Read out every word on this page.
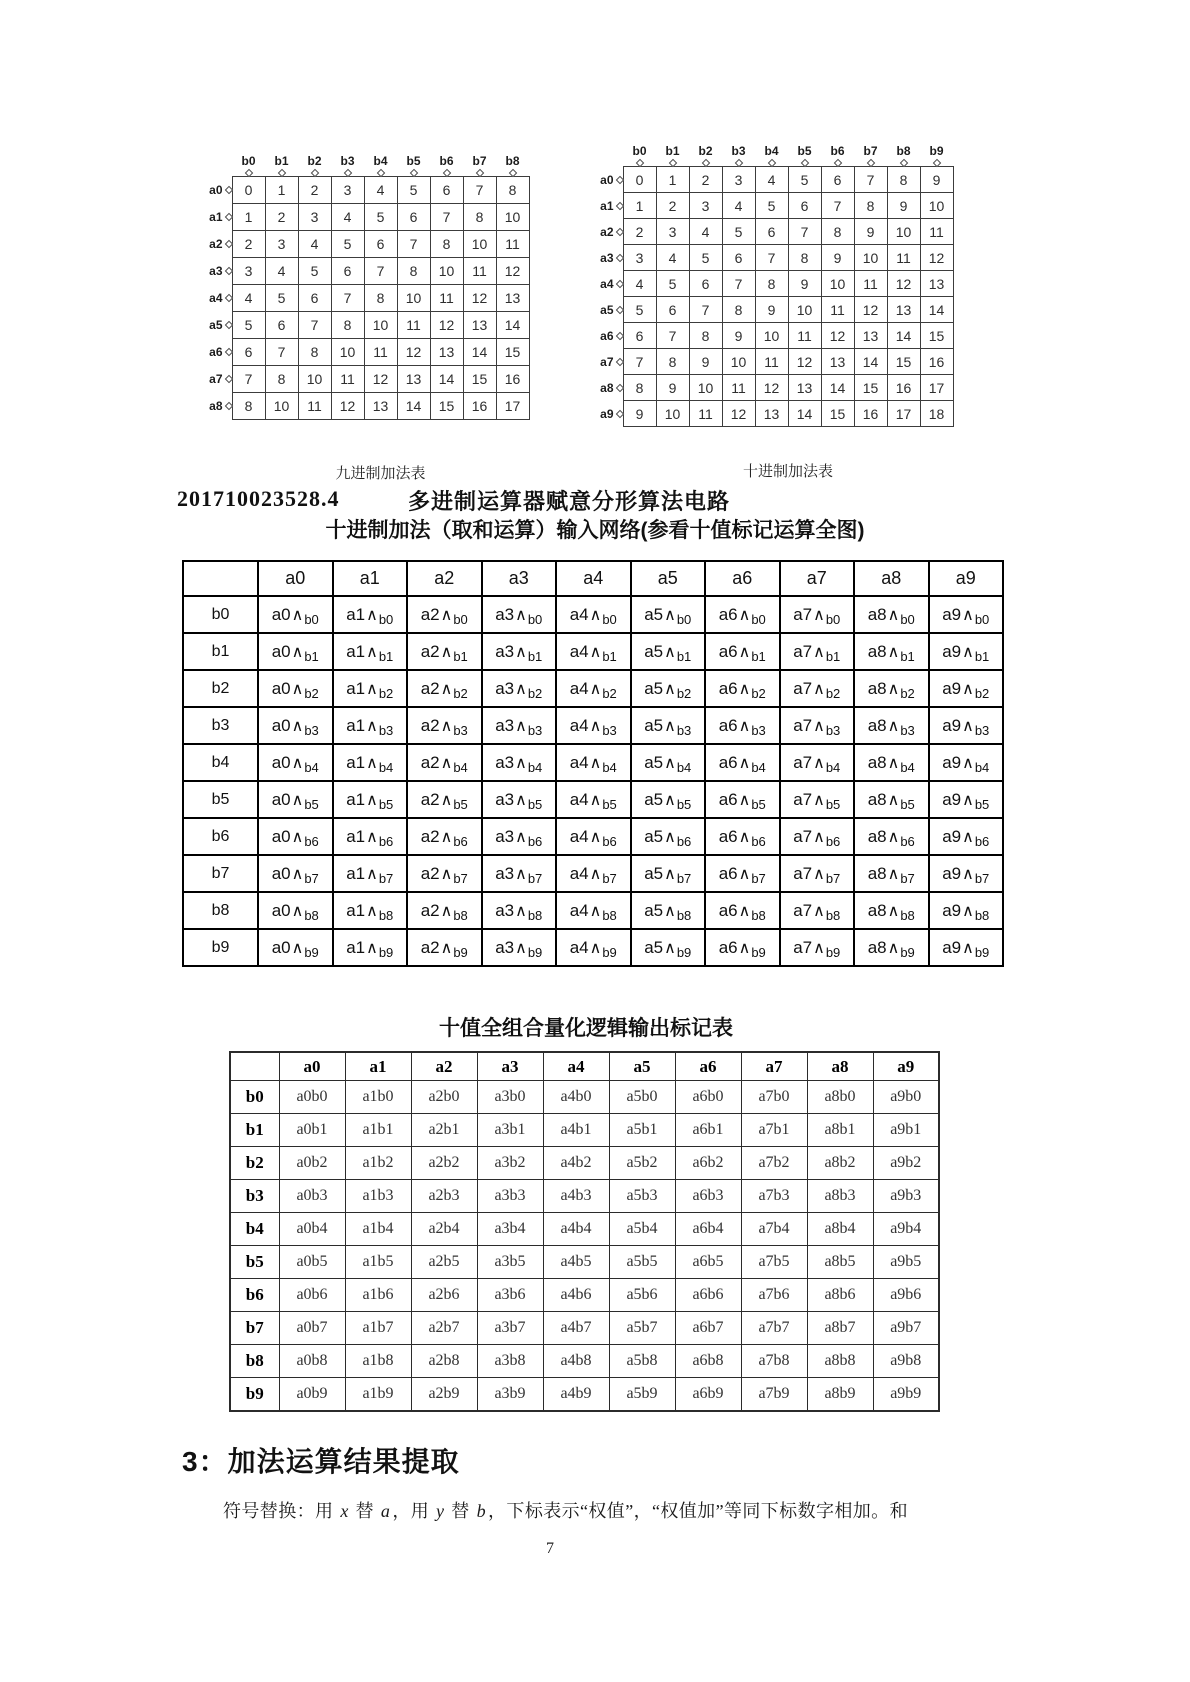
	b0	b1	b2	b3	b4	b5	b6	b7	b8

a0	0	1	2	3	4	5	6	7	8
a1	1	2	3	4	5	6	7	8	10
a2	2	3	4	5	6	7	8	10	11
a3	3	4	5	6	7	8	10	11	12
a4	4	5	6	7	8	10	11	12	13
a5	5	6	7	8	10	11	12	13	14
a6	6	7	8	10	11	12	13	14	15
a7	7	8	10	11	12	13	14	15	16
a8	8	10	11	12	13	14	15	16	17

	b0	b1	b2	b3	b4	b5	b6	b7	b8	b9

a0	0	1	2	3	4	5	6	7	8	9
a1	1	2	3	4	5	6	7	8	9	10
a2	2	3	4	5	6	7	8	9	10	11
a3	3	4	5	6	7	8	9	10	11	12
a4	4	5	6	7	8	9	10	11	12	13
a5	5	6	7	8	9	10	11	12	13	14
a6	6	7	8	9	10	11	12	13	14	15
a7	7	8	9	10	11	12	13	14	15	16
a8	8	9	10	11	12	13	14	15	16	17
a9	9	10	11	12	13	14	15	16	17	18
九进制加法表	十进制加法表
201710023528.4	多进制运算器赋意分形算法电路
十进制加法（取和运算）输入网络(参看十值标记运算全图)
	a0	a1	a2	a3	a4	a5	a6	a7	a8	a9
b0	$a0\wedge_{b0}$	$a1\wedge_{b0}$	$a2\wedge_{b0}$	$a3\wedge_{b0}$	$a4\wedge_{b0}$	$a5\wedge_{b0}$	$a6\wedge_{b0}$	$a7\wedge_{b0}$	$a8\wedge_{b0}$	$a9\wedge_{b0}$
b1	$a0\wedge_{b1}$	$a1\wedge_{b1}$	$a2\wedge_{b1}$	$a3\wedge_{b1}$	$a4\wedge_{b1}$	$a5\wedge_{b1}$	$a6\wedge_{b1}$	$a7\wedge_{b1}$	$a8\wedge_{b1}$	$a9\wedge_{b1}$
b2	$a0\wedge_{b2}$	$a1\wedge_{b2}$	$a2\wedge_{b2}$	$a3\wedge_{b2}$	$a4\wedge_{b2}$	$a5\wedge_{b2}$	$a6\wedge_{b2}$	$a7\wedge_{b2}$	$a8\wedge_{b2}$	$a9\wedge_{b2}$
b3	$a0\wedge_{b3}$	$a1\wedge_{b3}$	$a2\wedge_{b3}$	$a3\wedge_{b3}$	$a4\wedge_{b3}$	$a5\wedge_{b3}$	$a6\wedge_{b3}$	$a7\wedge_{b3}$	$a8\wedge_{b3}$	$a9\wedge_{b3}$
b4	$a0\wedge_{b4}$	$a1\wedge_{b4}$	$a2\wedge_{b4}$	$a3\wedge_{b4}$	$a4\wedge_{b4}$	$a5\wedge_{b4}$	$a6\wedge_{b4}$	$a7\wedge_{b4}$	$a8\wedge_{b4}$	$a9\wedge_{b4}$
b5	$a0\wedge_{b5}$	$a1\wedge_{b5}$	$a2\wedge_{b5}$	$a3\wedge_{b5}$	$a4\wedge_{b5}$	$a5\wedge_{b5}$	$a6\wedge_{b5}$	$a7\wedge_{b5}$	$a8\wedge_{b5}$	$a9\wedge_{b5}$
b6	$a0\wedge_{b6}$	$a1\wedge_{b6}$	$a2\wedge_{b6}$	$a3\wedge_{b6}$	$a4\wedge_{b6}$	$a5\wedge_{b6}$	$a6\wedge_{b6}$	$a7\wedge_{b6}$	$a8\wedge_{b6}$	$a9\wedge_{b6}$
b7	$a0\wedge_{b7}$	$a1\wedge_{b7}$	$a2\wedge_{b7}$	$a3\wedge_{b7}$	$a4\wedge_{b7}$	$a5\wedge_{b7}$	$a6\wedge_{b7}$	$a7\wedge_{b7}$	$a8\wedge_{b7}$	$a9\wedge_{b7}$
b8	$a0\wedge_{b8}$	$a1\wedge_{b8}$	$a2\wedge_{b8}$	$a3\wedge_{b8}$	$a4\wedge_{b8}$	$a5\wedge_{b8}$	$a6\wedge_{b8}$	$a7\wedge_{b8}$	$a8\wedge_{b8}$	$a9\wedge_{b8}$
b9	$a0\wedge_{b9}$	$a1\wedge_{b9}$	$a2\wedge_{b9}$	$a3\wedge_{b9}$	$a4\wedge_{b9}$	$a5\wedge_{b9}$	$a6\wedge_{b9}$	$a7\wedge_{b9}$	$a8\wedge_{b9}$	$a9\wedge_{b9}$
十值全组合量化逻辑输出标记表
	a0	a1	a2	a3	a4	a5	a6	a7	a8	a9
b0	a0b0	a1b0	a2b0	a3b0	a4b0	a5b0	a6b0	a7b0	a8b0	a9b0
b1	a0b1	a1b1	a2b1	a3b1	a4b1	a5b1	a6b1	a7b1	a8b1	a9b1
b2	a0b2	a1b2	a2b2	a3b2	a4b2	a5b2	a6b2	a7b2	a8b2	a9b2
b3	a0b3	a1b3	a2b3	a3b3	a4b3	a5b3	a6b3	a7b3	a8b3	a9b3
b4	a0b4	a1b4	a2b4	a3b4	a4b4	a5b4	a6b4	a7b4	a8b4	a9b4
b5	a0b5	a1b5	a2b5	a3b5	a4b5	a5b5	a6b5	a7b5	a8b5	a9b5
b6	a0b6	a1b6	a2b6	a3b6	a4b6	a5b6	a6b6	a7b6	a8b6	a9b6
b7	a0b7	a1b7	a2b7	a3b7	a4b7	a5b7	a6b7	a7b7	a8b7	a9b7
b8	a0b8	a1b8	a2b8	a3b8	a4b8	a5b8	a6b8	a7b8	a8b8	a9b8
b9	a0b9	a1b9	a2b9	a3b9	a4b9	a5b9	a6b9	a7b9	a8b9	a9b9
3：加法运算结果提取
符号替换：用 x 替 a ，用 y 替 b ，下标表示“权值”，“权值加”等同下标数字相加。和
7
